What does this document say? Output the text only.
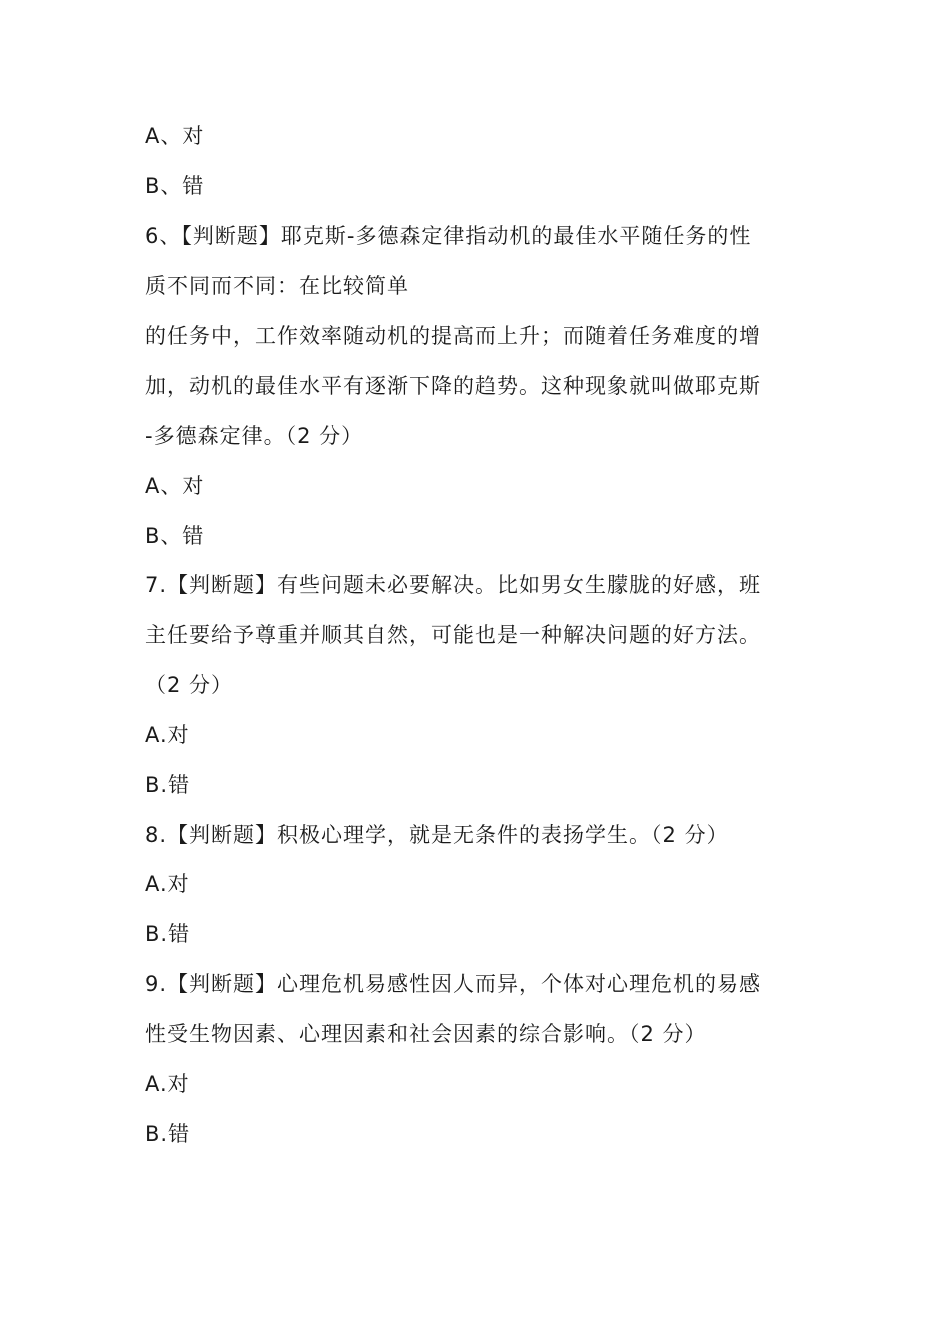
A、对
B、错
6、【判断题】耶克斯-多德森定律指动机的最佳水平随任务的性
质不同而不同：在比较简单
的任务中，工作效率随动机的提高而上升；而随着任务难度的增
加，动机的最佳水平有逐渐下降的趋势。这种现象就叫做耶克斯
-多德森定律。（2 分）
A、对
B、错
7.【判断题】有些问题未必要解决。比如男女生朦胧的好感，班
主任要给予尊重并顺其自然，可能也是一种解决问题的好方法。
（2 分）
A.对
B.错
8.【判断题】积极心理学，就是无条件的表扬学生。（2 分）
A.对
B.错
9.【判断题】心理危机易感性因人而异，个体对心理危机的易感
性受生物因素、心理因素和社会因素的综合影响。（2 分）
A.对
B.错
